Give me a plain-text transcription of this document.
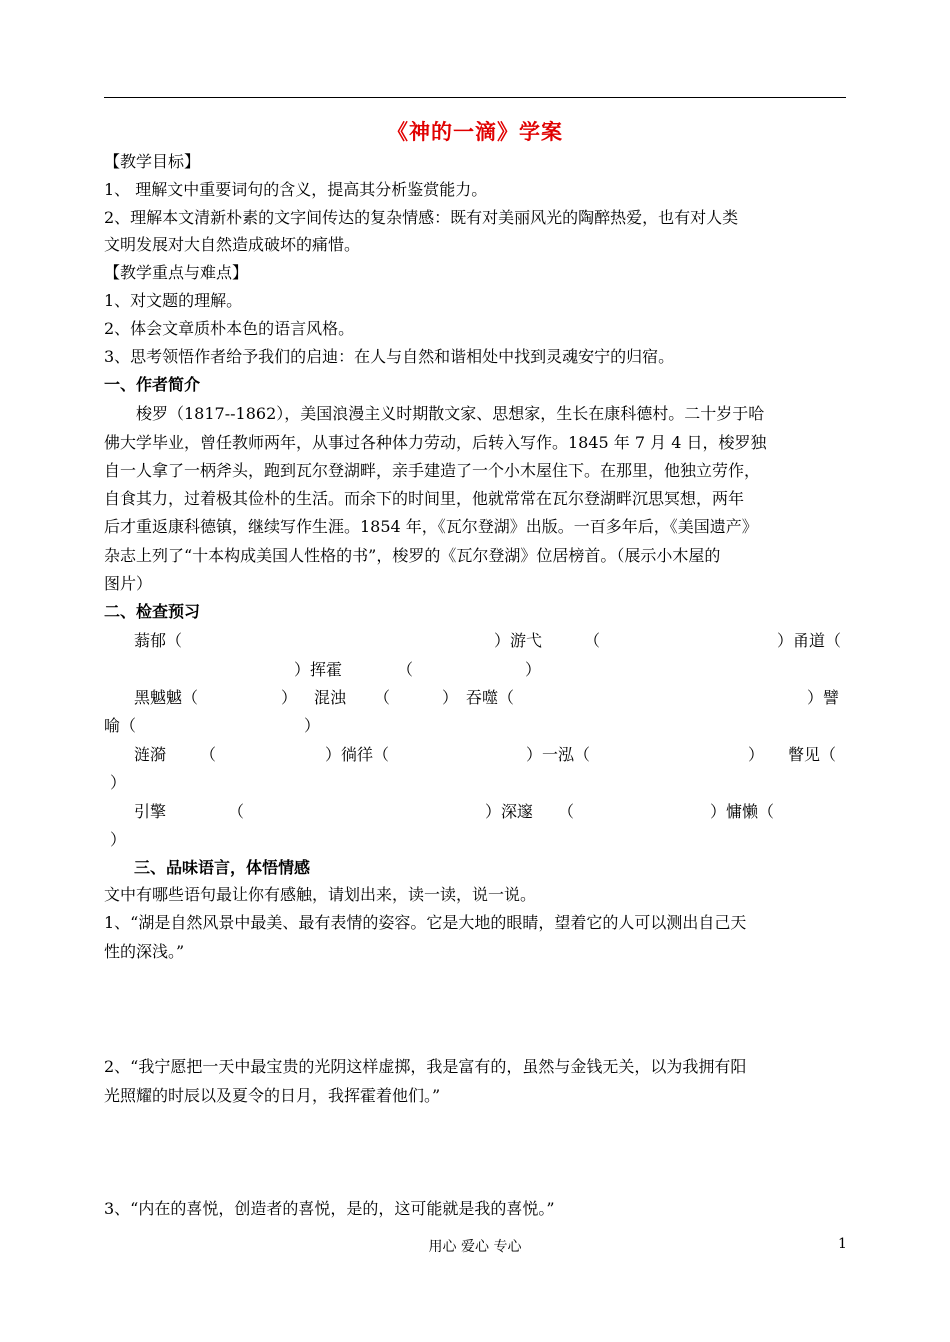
《神的一滴》学案
【教学目标】
1、 理解文中重要词句的含义，提高其分析鉴赏能力。
2、理解本文清新朴素的文字间传达的复杂情感：既有对美丽风光的陶醉热爱，也有对人类
文明发展对大自然造成破坏的痛惜。
【教学重点与难点】
1、对文题的理解。
2、体会文章质朴本色的语言风格。
3、思考领悟作者给予我们的启迪：在人与自然和谐相处中找到灵魂安宁的归宿。
一、作者简介
　　梭罗（1817--1862），美国浪漫主义时期散文家、思想家，生长在康科德村。二十岁于哈
佛大学毕业，曾任教师两年，从事过各种体力劳动，后转入写作。1845 年 7 月 4 日，梭罗独
自一人拿了一柄斧头，跑到瓦尔登湖畔，亲手建造了一个小木屋住下。在那里，他独立劳作，
自食其力，过着极其俭朴的生活。而余下的时间里，他就常常在瓦尔登湖畔沉思冥想，两年
后才重返康科德镇，继续写作生涯。1854 年，《瓦尔登湖》出版。一百多年后，《美国遗产》
杂志上列了“十本构成美国人性格的书”，梭罗的《瓦尔登湖》位居榜首。（展示小木屋的
图片）
二、检查预习
蓊郁（	）游弋	（	）甬道（
）挥霍	（	）
黑魆魆（	） 混浊 （	） 吞噬（	）譬
喻（	）
涟漪 （	）徜徉（	）一泓（	） 瞥见（
）
引擎	（	）深邃 （	）慵懒（
）
三、品味语言，体悟情感
文中有哪些语句最让你有感触，请划出来，读一读，说一说。
1、“湖是自然风景中最美、最有表情的姿容。它是大地的眼睛，望着它的人可以测出自己天
性的深浅。”
2、“我宁愿把一天中最宝贵的光阴这样虚掷，我是富有的，虽然与金钱无关，以为我拥有阳
光照耀的时辰以及夏令的日月，我挥霍着他们。”
3、“内在的喜悦，创造者的喜悦，是的，这可能就是我的喜悦。”
用心 爱心 专心	1
